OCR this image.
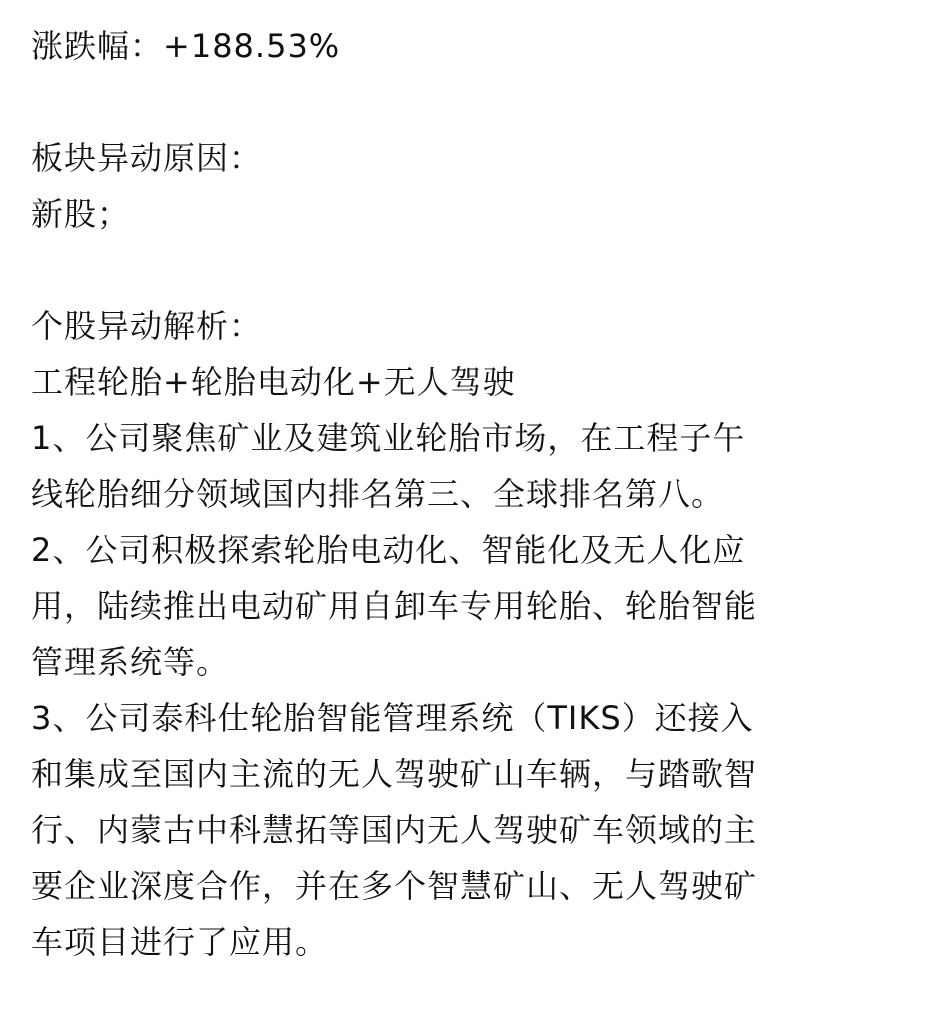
涨跌幅：+188.53%
板块异动原因：
新股；
个股异动解析：
工程轮胎+轮胎电动化+无人驾驶
1、公司聚焦矿业及建筑业轮胎市场，在工程子午
线轮胎细分领域国内排名第三、全球排名第八。
2、公司积极探索轮胎电动化、智能化及无人化应
用，陆续推出电动矿用自卸车专用轮胎、轮胎智能
管理系统等。
3、公司泰科仕轮胎智能管理系统（TIKS）还接入
和集成至国内主流的无人驾驶矿山车辆，与踏歌智
行、内蒙古中科慧拓等国内无人驾驶矿车领域的主
要企业深度合作，并在多个智慧矿山、无人驾驶矿
车项目进行了应用。
